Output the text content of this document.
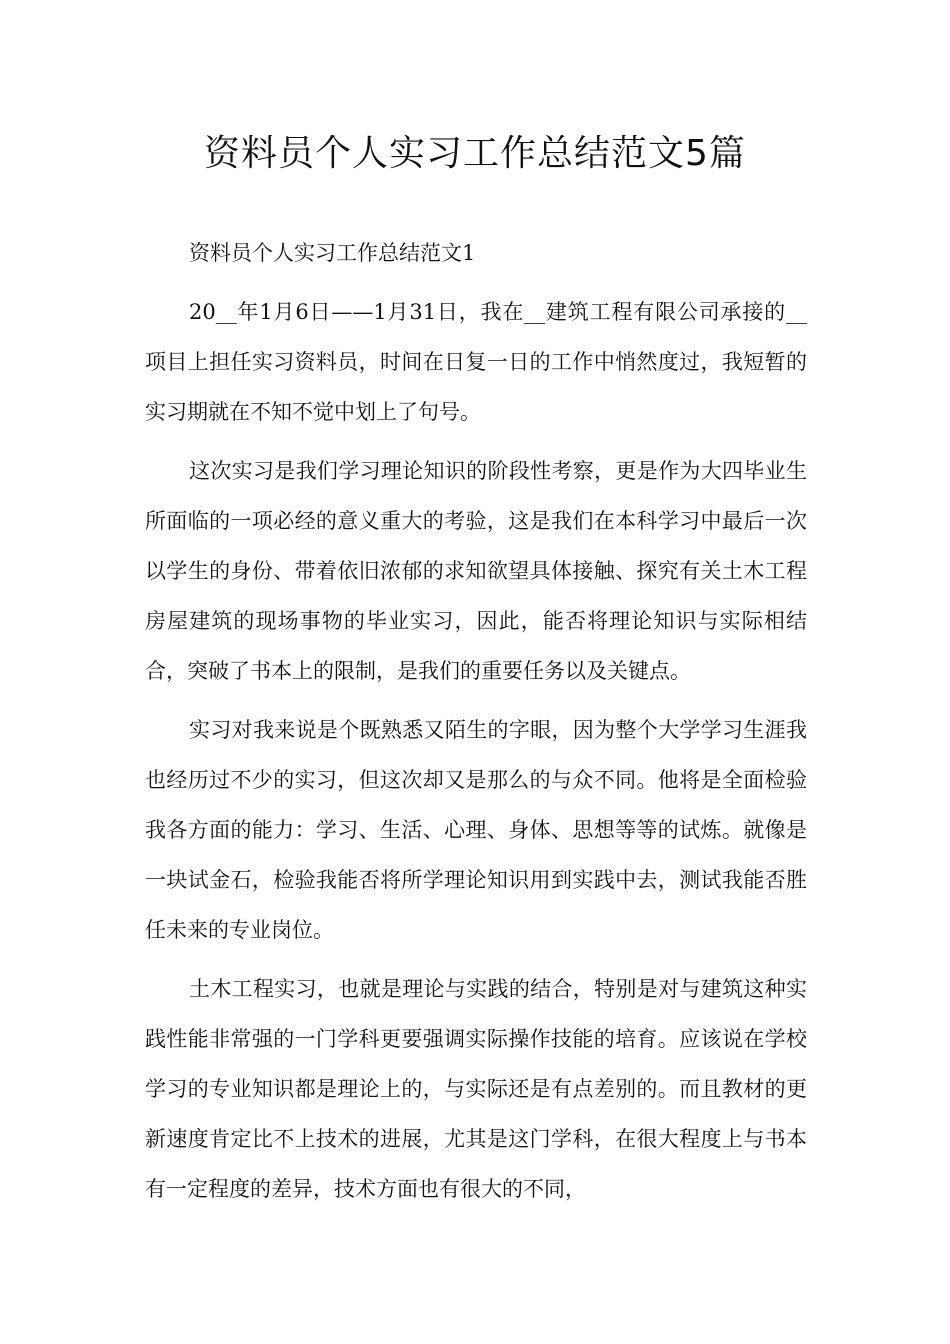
资料员个人实习工作总结范文5篇

资料员个人实习工作总结范文1

20__年1月6日——1月31日，我在__建筑工程有限公司承接的__项目上担任实习资料员，时间在日复一日的工作中悄然度过，我短暂的实习期就在不知不觉中划上了句号。

这次实习是我们学习理论知识的阶段性考察，更是作为大四毕业生所面临的一项必经的意义重大的考验，这是我们在本科学习中最后一次以学生的身份、带着依旧浓郁的求知欲望具体接触、探究有关土木工程房屋建筑的现场事物的毕业实习，因此，能否将理论知识与实际相结合，突破了书本上的限制，是我们的重要任务以及关键点。

实习对我来说是个既熟悉又陌生的字眼，因为整个大学学习生涯我也经历过不少的实习，但这次却又是那么的与众不同。他将是全面检验我各方面的能力：学习、生活、心理、身体、思想等等的试炼。就像是一块试金石，检验我能否将所学理论知识用到实践中去，测试我能否胜任未来的专业岗位。

土木工程实习，也就是理论与实践的结合，特别是对与建筑这种实践性能非常强的一门学科更要强调实际操作技能的培育。应该说在学校学习的专业知识都是理论上的，与实际还是有点差别的。而且教材的更新速度肯定比不上技术的进展，尤其是这门学科，在很大程度上与书本有一定程度的差异，技术方面也有很大的不同，
